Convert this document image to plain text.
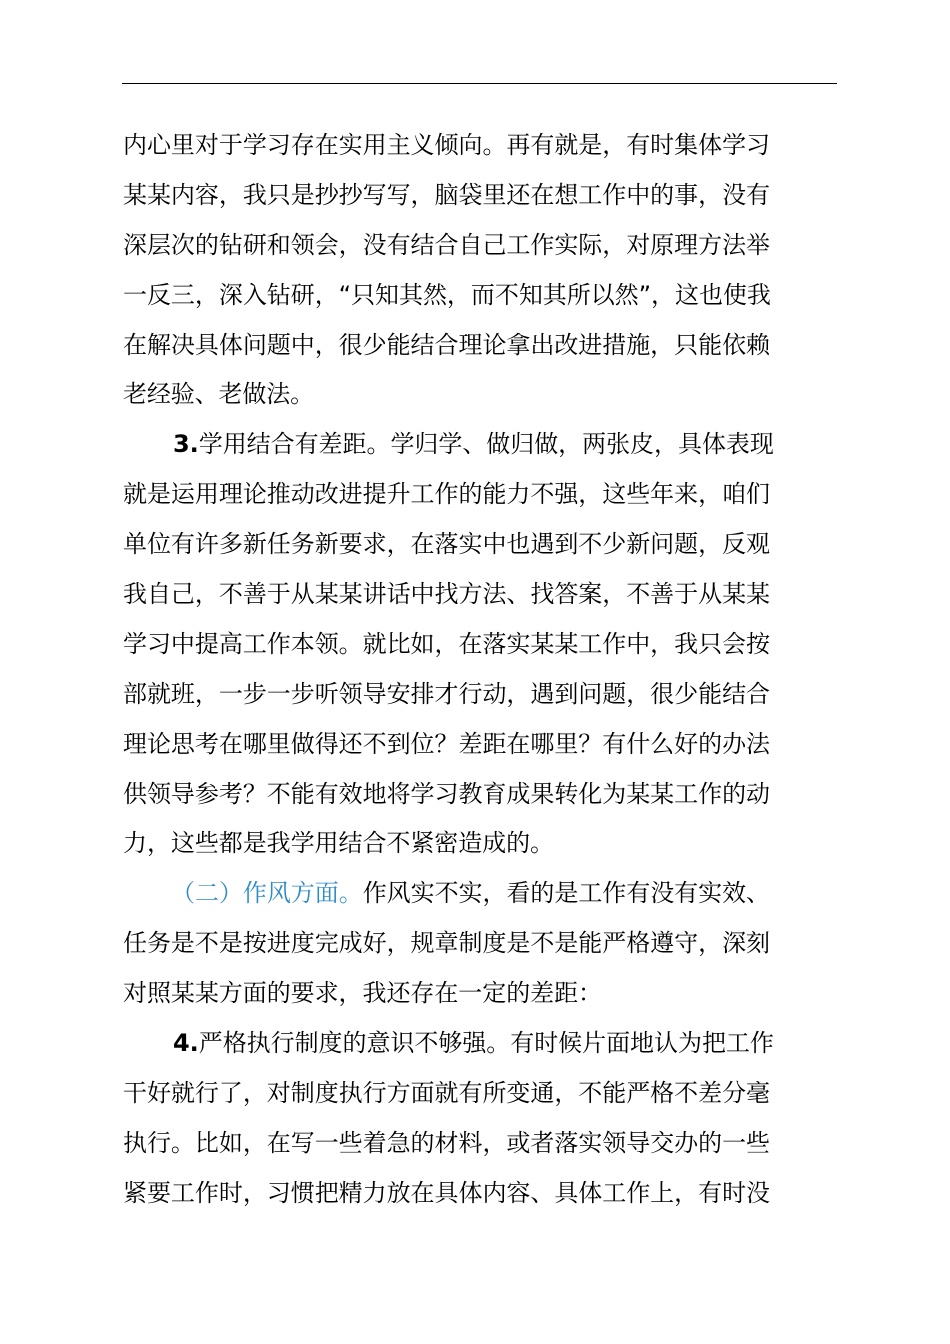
内心里对于学习存在实用主义倾向。再有就是，有时集体学习
某某内容，我只是抄抄写写，脑袋里还在想工作中的事，没有
深层次的钻研和领会，没有结合自己工作实际，对原理方法举
一反三，深入钻研，“只知其然，而不知其所以然”，这也使我
在解决具体问题中，很少能结合理论拿出改进措施，只能依赖
老经验、老做法。
3.学用结合有差距。学归学、做归做，两张皮，具体表现
就是运用理论推动改进提升工作的能力不强，这些年来，咱们
单位有许多新任务新要求，在落实中也遇到不少新问题，反观
我自己，不善于从某某讲话中找方法、找答案，不善于从某某
学习中提高工作本领。就比如，在落实某某工作中，我只会按
部就班，一步一步听领导安排才行动，遇到问题，很少能结合
理论思考在哪里做得还不到位？差距在哪里？有什么好的办法
供领导参考？不能有效地将学习教育成果转化为某某工作的动
力，这些都是我学用结合不紧密造成的。
（二）作风方面。作风实不实，看的是工作有没有实效、
任务是不是按进度完成好，规章制度是不是能严格遵守，深刻
对照某某方面的要求，我还存在一定的差距：
4.严格执行制度的意识不够强。有时候片面地认为把工作
干好就行了，对制度执行方面就有所变通，不能严格不差分毫
执行。比如，在写一些着急的材料，或者落实领导交办的一些
紧要工作时，习惯把精力放在具体内容、具体工作上，有时没
